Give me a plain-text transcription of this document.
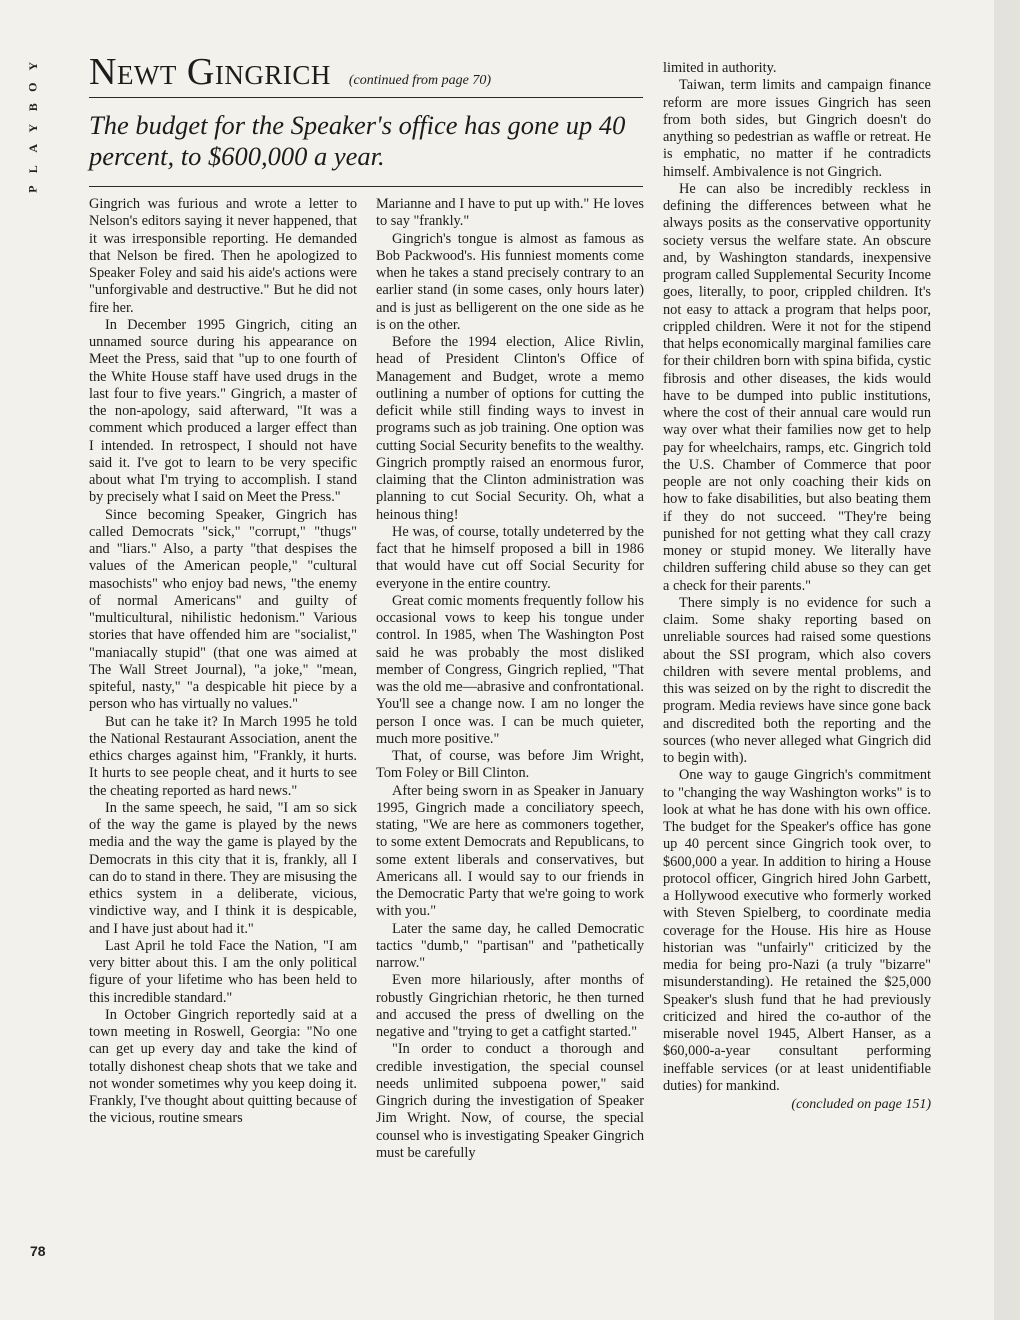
Y
O
B
Y
A
L
P
78
Newt Gingrich (continued from page 70)
The budget for the Speaker's office has gone up 40 percent, to $600,000 a year.

Gingrich was furious and wrote a letter to Nelson's editors saying it never happened, that it was irresponsible reporting. He demanded that Nelson be fired. Then he apologized to Speaker Foley and said his aide's actions were "unforgivable and destructive." But he did not fire her.

In December 1995 Gingrich, citing an unnamed source during his appearance on Meet the Press, said that "up to one fourth of the White House staff have used drugs in the last four to five years." Gingrich, a master of the non-apology, said afterward, "It was a comment which produced a larger effect than I intended. In retrospect, I should not have said it. I've got to learn to be very specific about what I'm trying to accomplish. I stand by precisely what I said on Meet the Press."

Since becoming Speaker, Gingrich has called Democrats "sick," "corrupt," "thugs" and "liars." Also, a party "that despises the values of the American people," "cultural masochists" who enjoy bad news, "the enemy of normal Americans" and guilty of "multicultural, nihilistic hedonism." Various stories that have offended him are "socialist," "maniacally stupid" (that one was aimed at The Wall Street Journal), "a joke," "mean, spiteful, nasty," "a despicable hit piece by a person who has virtually no values."

But can he take it? In March 1995 he told the National Restaurant Association, anent the ethics charges against him, "Frankly, it hurts. It hurts to see people cheat, and it hurts to see the cheating reported as hard news."

In the same speech, he said, "I am so sick of the way the game is played by the news media and the way the game is played by the Democrats in this city that it is, frankly, all I can do to stand in there. They are misusing the ethics system in a deliberate, vicious, vindictive way, and I think it is despicable, and I have just about had it."

Last April he told Face the Nation, "I am very bitter about this. I am the only political figure of your lifetime who has been held to this incredible standard."

In October Gingrich reportedly said at a town meeting in Roswell, Georgia: "No one can get up every day and take the kind of totally dishonest cheap shots that we take and not wonder sometimes why you keep doing it. Frankly, I've thought about quitting because of the vicious, routine smears

Marianne and I have to put up with." He loves to say "frankly."

Gingrich's tongue is almost as famous as Bob Packwood's. His funniest moments come when he takes a stand precisely contrary to an earlier stand (in some cases, only hours later) and is just as belligerent on the one side as he is on the other.

Before the 1994 election, Alice Rivlin, head of President Clinton's Office of Management and Budget, wrote a memo outlining a number of options for cutting the deficit while still finding ways to invest in programs such as job training. One option was cutting Social Security benefits to the wealthy. Gingrich promptly raised an enormous furor, claiming that the Clinton administration was planning to cut Social Security. Oh, what a heinous thing!

He was, of course, totally undeterred by the fact that he himself proposed a bill in 1986 that would have cut off Social Security for everyone in the entire country.

Great comic moments frequently follow his occasional vows to keep his tongue under control. In 1985, when The Washington Post said he was probably the most disliked member of Congress, Gingrich replied, "That was the old me—abrasive and confrontational. You'll see a change now. I am no longer the person I once was. I can be much quieter, much more positive."

That, of course, was before Jim Wright, Tom Foley or Bill Clinton.

After being sworn in as Speaker in January 1995, Gingrich made a conciliatory speech, stating, "We are here as commoners together, to some extent Democrats and Republicans, to some extent liberals and conservatives, but Americans all. I would say to our friends in the Democratic Party that we're going to work with you."

Later the same day, he called Democratic tactics "dumb," "partisan" and "pathetically narrow."

Even more hilariously, after months of robustly Gingrichian rhetoric, he then turned and accused the press of dwelling on the negative and "trying to get a catfight started."

"In order to conduct a thorough and credible investigation, the special counsel needs unlimited subpoena power," said Gingrich during the investigation of Speaker Jim Wright. Now, of course, the special counsel who is investigating Speaker Gingrich must be carefully

limited in authority.

Taiwan, term limits and campaign finance reform are more issues Gingrich has seen from both sides, but Gingrich doesn't do anything so pedestrian as waffle or retreat. He is emphatic, no matter if he contradicts himself. Ambivalence is not Gingrich.

He can also be incredibly reckless in defining the differences between what he always posits as the conservative opportunity society versus the welfare state. An obscure and, by Washington standards, inexpensive program called Supplemental Security Income goes, literally, to poor, crippled children. It's not easy to attack a program that helps poor, crippled children. Were it not for the stipend that helps economically marginal families care for their children born with spina bifida, cystic fibrosis and other diseases, the kids would have to be dumped into public institutions, where the cost of their annual care would run way over what their families now get to help pay for wheelchairs, ramps, etc. Gingrich told the U.S. Chamber of Commerce that poor people are not only coaching their kids on how to fake disabilities, but also beating them if they do not succeed. "They're being punished for not getting what they call crazy money or stupid money. We literally have children suffering child abuse so they can get a check for their parents."

There simply is no evidence for such a claim. Some shaky reporting based on unreliable sources had raised some questions about the SSI program, which also covers children with severe mental problems, and this was seized on by the right to discredit the program. Media reviews have since gone back and discredited both the reporting and the sources (who never alleged what Gingrich did to begin with).

One way to gauge Gingrich's commitment to "changing the way Washington works" is to look at what he has done with his own office. The budget for the Speaker's office has gone up 40 percent since Gingrich took over, to $600,000 a year. In addition to hiring a House protocol officer, Gingrich hired John Garbett, a Hollywood executive who formerly worked with Steven Spielberg, to coordinate media coverage for the House. His hire as House historian was "unfairly" criticized by the media for being pro-Nazi (a truly "bizarre" misunderstanding). He retained the $25,000 Speaker's slush fund that he had previously criticized and hired the co-author of the miserable novel 1945, Albert Hanser, as a $60,000-a-year consultant performing ineffable services (or at least unidentifiable duties) for mankind.

(concluded on page 151)
